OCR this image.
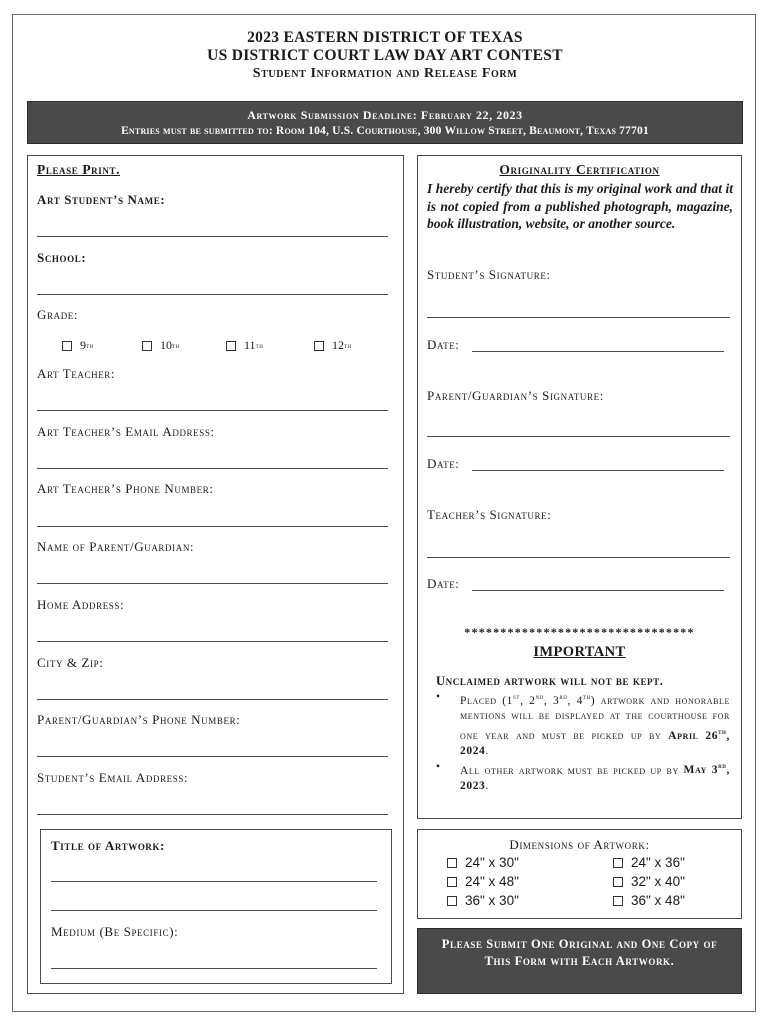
2023 EASTERN DISTRICT OF TEXAS
US DISTRICT COURT LAW DAY ART CONTEST
Student Information and Release Form
Artwork Submission Deadline: February 22, 2023
Entries must be submitted to: Room 104, U.S. Courthouse, 300 Willow Street, Beaumont, Texas 77701
Please Print.
Art Student’s Name:
School:
Grade:
9 th	10 th	11 th	12 th
Art Teacher:
Art Teacher’s Email Address:
Art Teacher’s Phone Number:
Name of Parent/Guardian:
Home Address:
City & Zip:
Parent/Guardian’s Phone Number:
Student’s Email Address:
Title of Artwork:
Medium (Be Specific):
Originality Certification
I hereby certify that this is my original work and that it is not copied from a published photograph, magazine, book illustration, website, or another source.
Student’s Signature:
Date:
Parent/Guardian’s Signature:
Date:
Teacher’s Signature:
Date:
********************************
IMPORTANT
Unclaimed artwork will not be kept.
• Placed (1st, 2nd, 3rd, 4th) artwork and honorable mentions will be displayed at the courthouse for one year and must be picked up by April 26th, 2024.
• All other artwork must be picked up by May 3rd, 2023.
Dimensions of Artwork:
24" x 30"	24" x 36"
24" x 48"	32" x 40"
36" x 30"	36" x 48"
Please Submit One Original and One Copy of This Form with Each Artwork.
